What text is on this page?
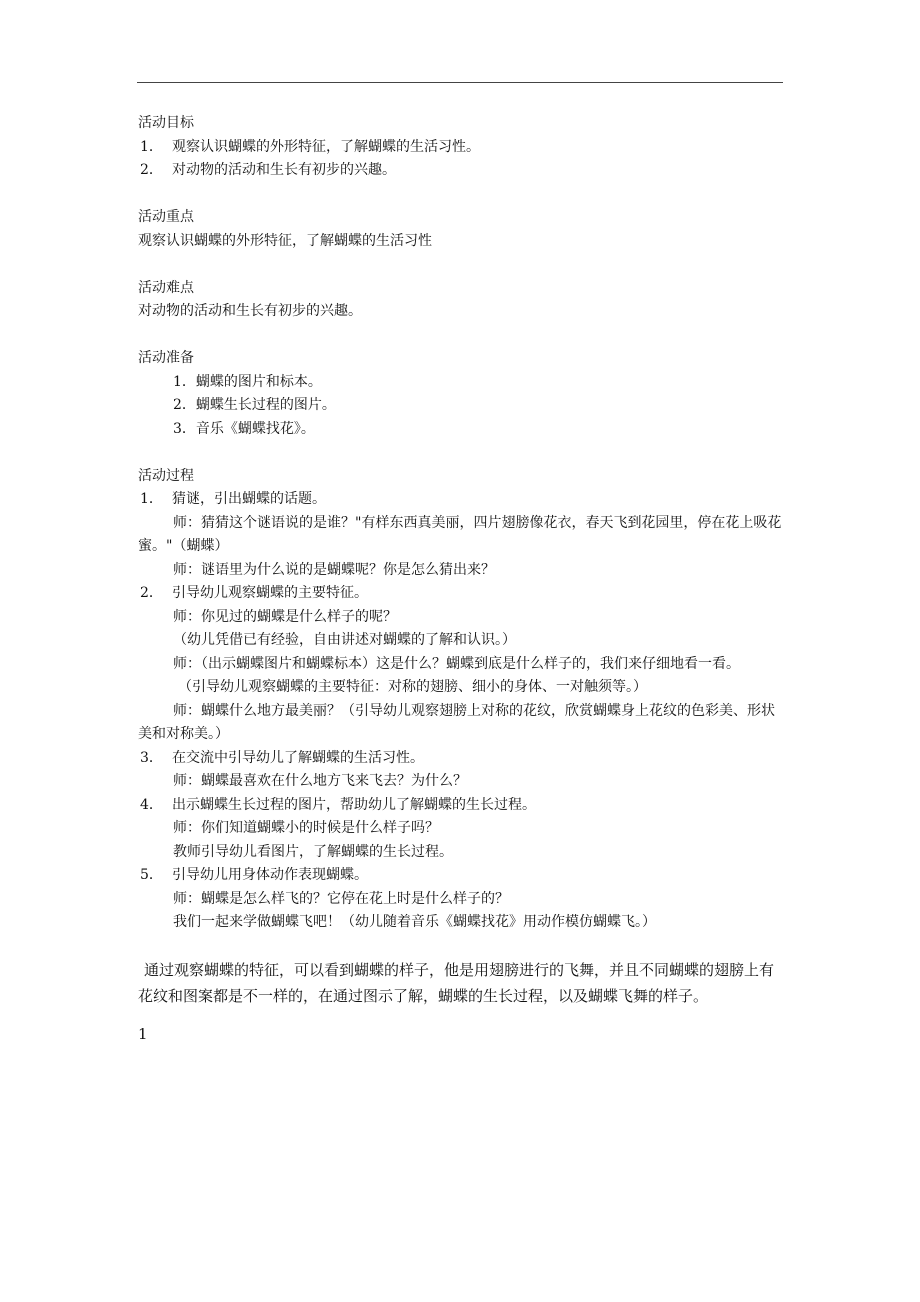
活动目标

1． 观察认识蝴蝶的外形特征，了解蝴蝶的生活习性。

2． 对动物的活动和生长有初步的兴趣。

活动重点

观察认识蝴蝶的外形特征，了解蝴蝶的生活习性

活动难点

对动物的活动和生长有初步的兴趣。

活动准备

1．蝴蝶的图片和标本。

2．蝴蝶生长过程的图片。

3．音乐《蝴蝶找花》。

活动过程

1． 猜谜，引出蝴蝶的话题。

师：猜猜这个谜语说的是谁？"有样东西真美丽，四片翅膀像花衣，春天飞到花园里，停在花上吸花蜜。"（蝴蝶）

师：谜语里为什么说的是蝴蝶呢？你是怎么猜出来？

2． 引导幼儿观察蝴蝶的主要特征。

师：你见过的蝴蝶是什么样子的呢？

（幼儿凭借已有经验，自由讲述对蝴蝶的了解和认识。）

师：（出示蝴蝶图片和蝴蝶标本）这是什么？蝴蝶到底是什么样子的，我们来仔细地看一看。

（引导幼儿观察蝴蝶的主要特征：对称的翅膀、细小的身体、一对触须等。）

师：蝴蝶什么地方最美丽？（引导幼儿观察翅膀上对称的花纹，欣赏蝴蝶身上花纹的色彩美、形状美和对称美。）

3． 在交流中引导幼儿了解蝴蝶的生活习性。

师：蝴蝶最喜欢在什么地方飞来飞去？为什么？

4． 出示蝴蝶生长过程的图片，帮助幼儿了解蝴蝶的生长过程。

师：你们知道蝴蝶小的时候是什么样子吗？

教师引导幼儿看图片，了解蝴蝶的生长过程。

5． 引导幼儿用身体动作表现蝴蝶。

师：蝴蝶是怎么样飞的？它停在花上时是什么样子的？

我们一起来学做蝴蝶飞吧！（幼儿随着音乐《蝴蝶找花》用动作模仿蝴蝶飞。）

通过观察蝴蝶的特征，可以看到蝴蝶的样子，他是用翅膀进行的飞舞，并且不同蝴蝶的翅膀上有花纹和图案都是不一样的，在通过图示了解，蝴蝶的生长过程，以及蝴蝶飞舞的样子。

1
